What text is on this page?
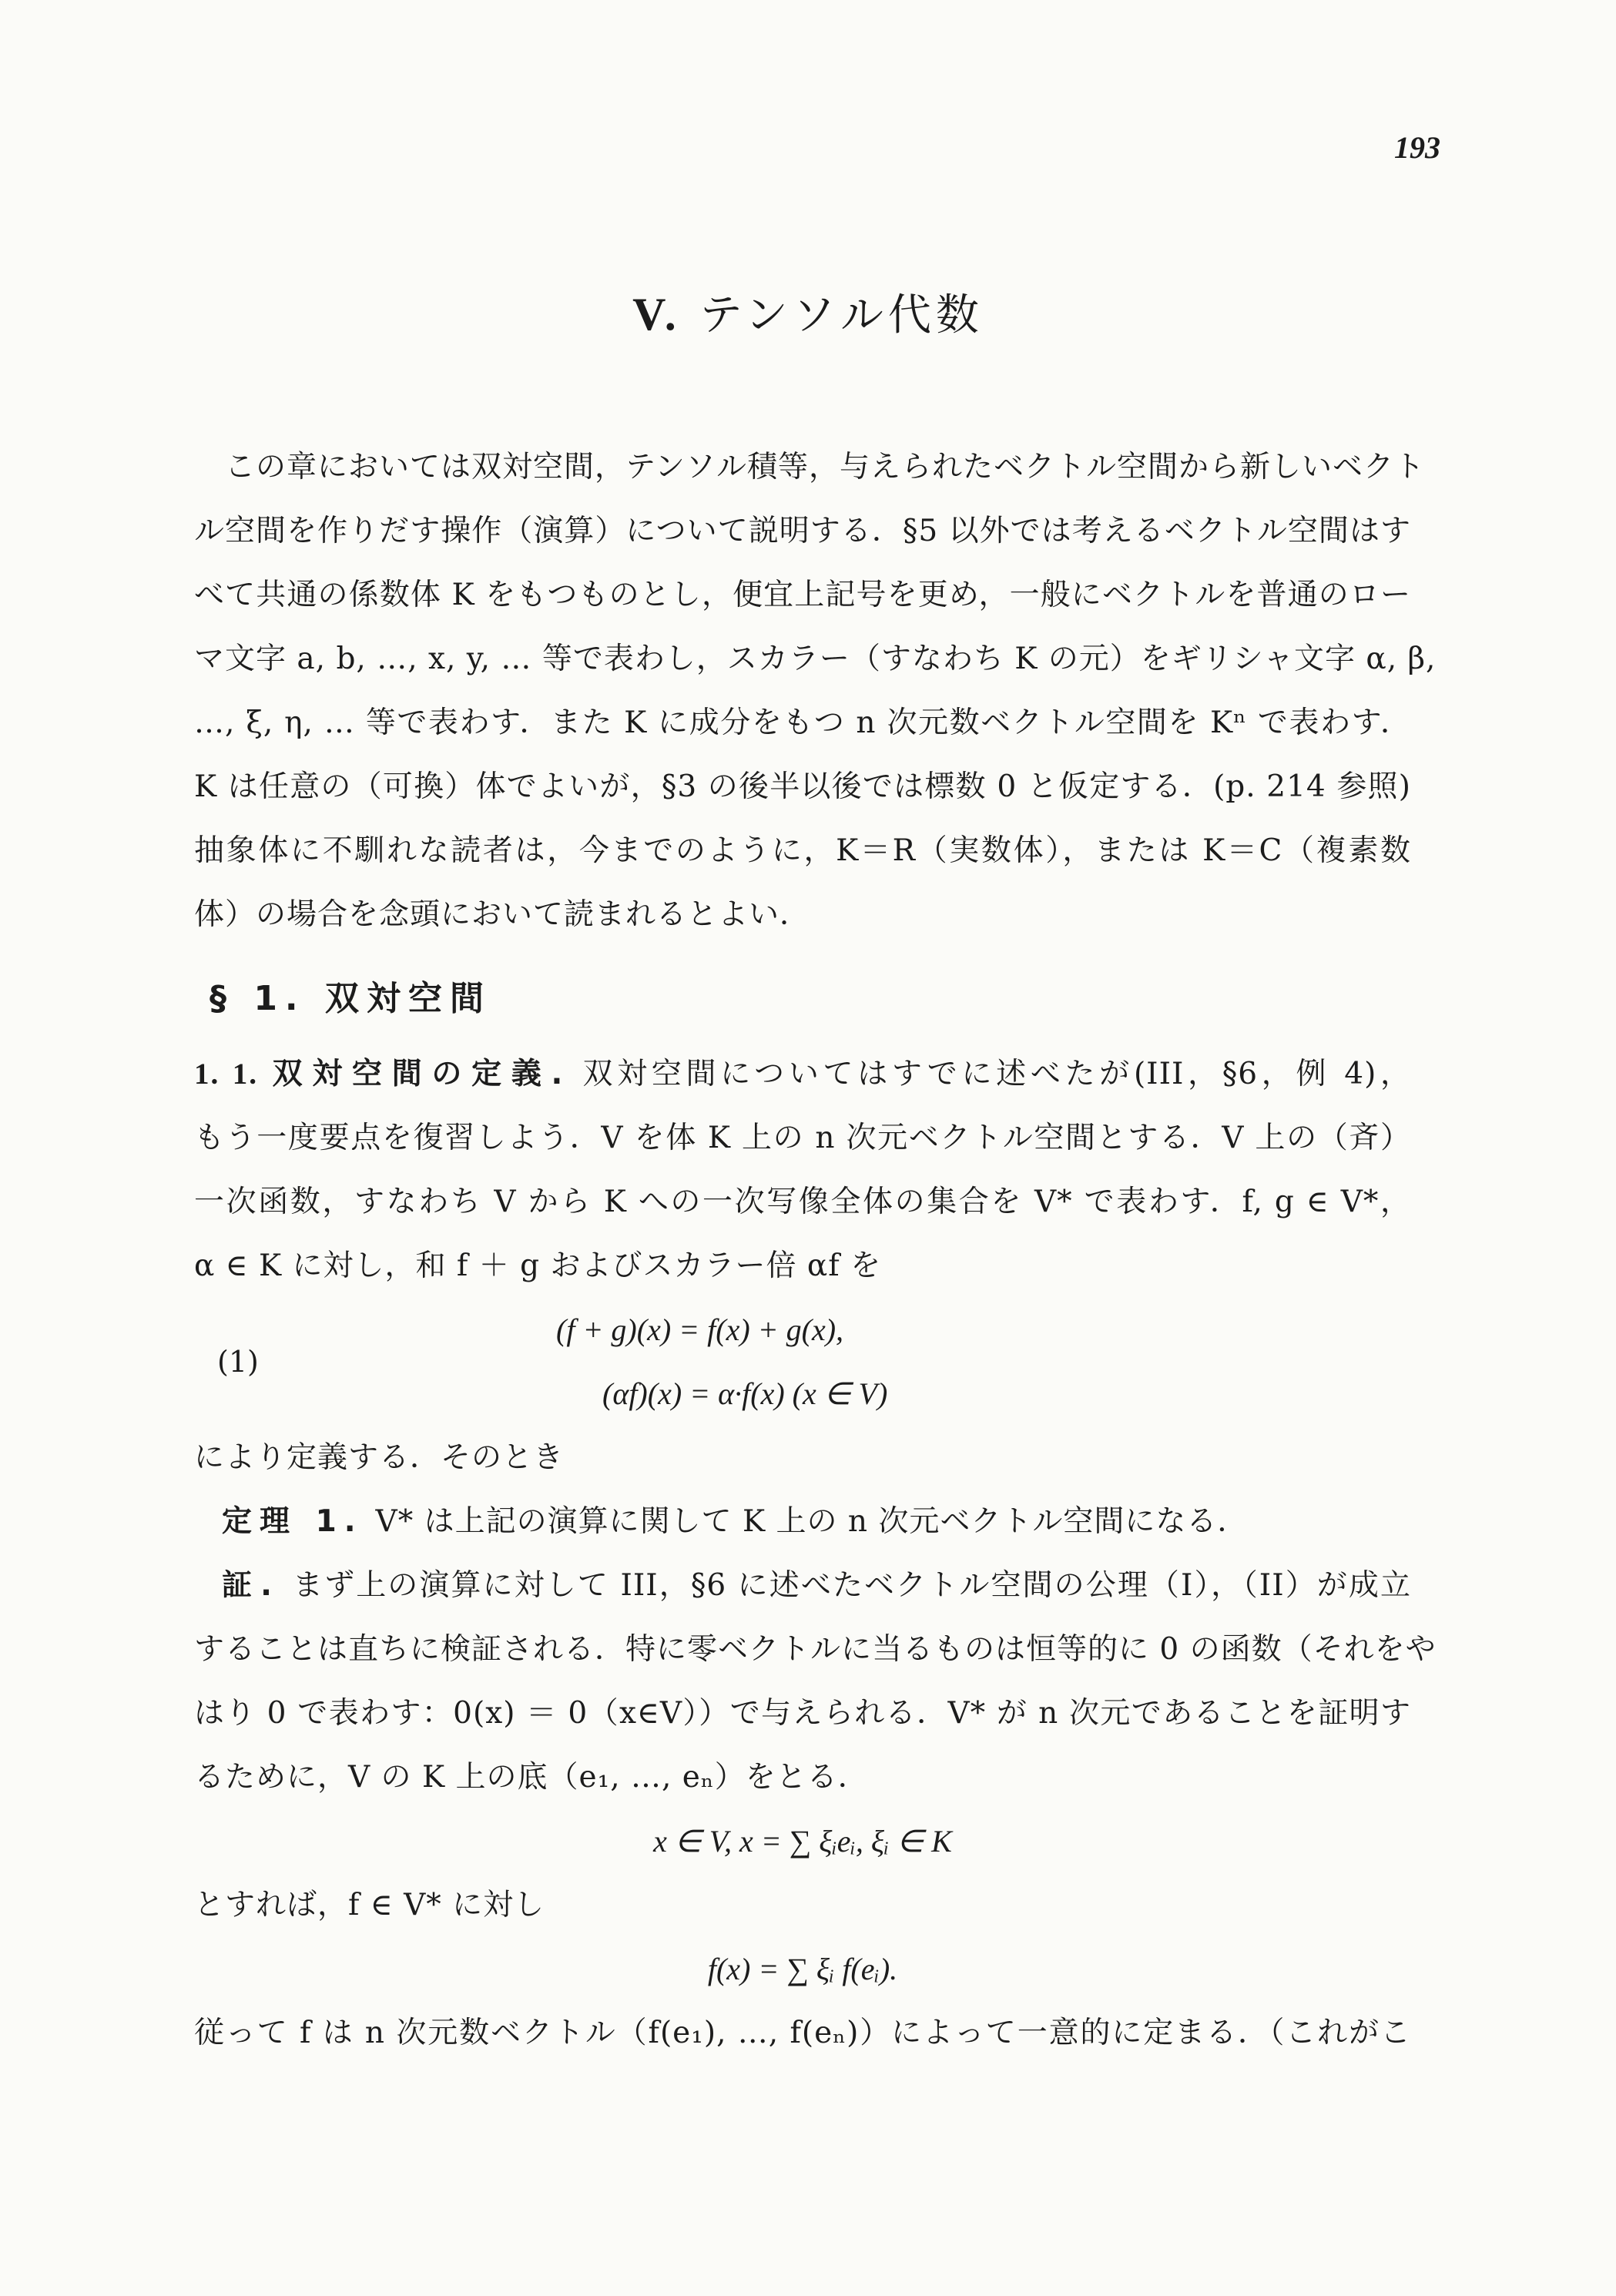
193
V. テンソル代数

この章においては双対空間，テンソル積等，与えられたベクトル空間から新しいベクト

ル空間を作りだす操作（演算）について説明する．§5 以外では考えるベクトル空間はす

べて共通の係数体 K をもつものとし，便宜上記号を更め，一般にベクトルを普通のロー

マ文字 a, b, …, x, y, … 等で表わし，スカラー（すなわち K の元）をギリシャ文字 α, β,

…, ξ, η, … 等で表わす．また K に成分をもつ n 次元数ベクトル空間を Kⁿ で表わす．

K は任意の（可換）体でよいが，§3 の後半以後では標数 0 と仮定する．(p. 214 参照)

抽象体に不馴れな読者は，今までのように，K＝R（実数体），または K＝C（複素数

体）の場合を念頭において読まれるとよい．

§ 1. 双対空間

1. 1. 双対空間の定義. 双対空間についてはすでに述べたが(III，§6，例 4)，

もう一度要点を復習しよう．V を体 K 上の n 次元ベクトル空間とする．V 上の（斉）

一次函数，すなわち V から K への一次写像全体の集合を V* で表わす．f, g ∈ V*，

α ∈ K に対し，和 f ＋ g およびスカラー倍 αf を

(1)
(f + g)(x) = f(x) + g(x),
(αf)(x) = α·f(x) (x ∈ V)

により定義する．そのとき

定理 1. V* は上記の演算に関して K 上の n 次元ベクトル空間になる．

証. まず上の演算に対して III，§6 に述べたベクトル空間の公理（I），（II）が成立

することは直ちに検証される．特に零ベクトルに当るものは恒等的に 0 の函数（それをや

はり 0 で表わす：0(x) ＝ 0（x∈V））で与えられる．V* が n 次元であることを証明す

るために，V の K 上の底（e₁, …, eₙ）をとる．

x ∈ V, x = ∑ ξᵢeᵢ, ξᵢ ∈ K

とすれば，f ∈ V* に対し

f(x) = ∑ ξᵢ f(eᵢ).

従って f は n 次元数ベクトル（f(e₁), …, f(eₙ)）によって一意的に定まる．（これがこ
